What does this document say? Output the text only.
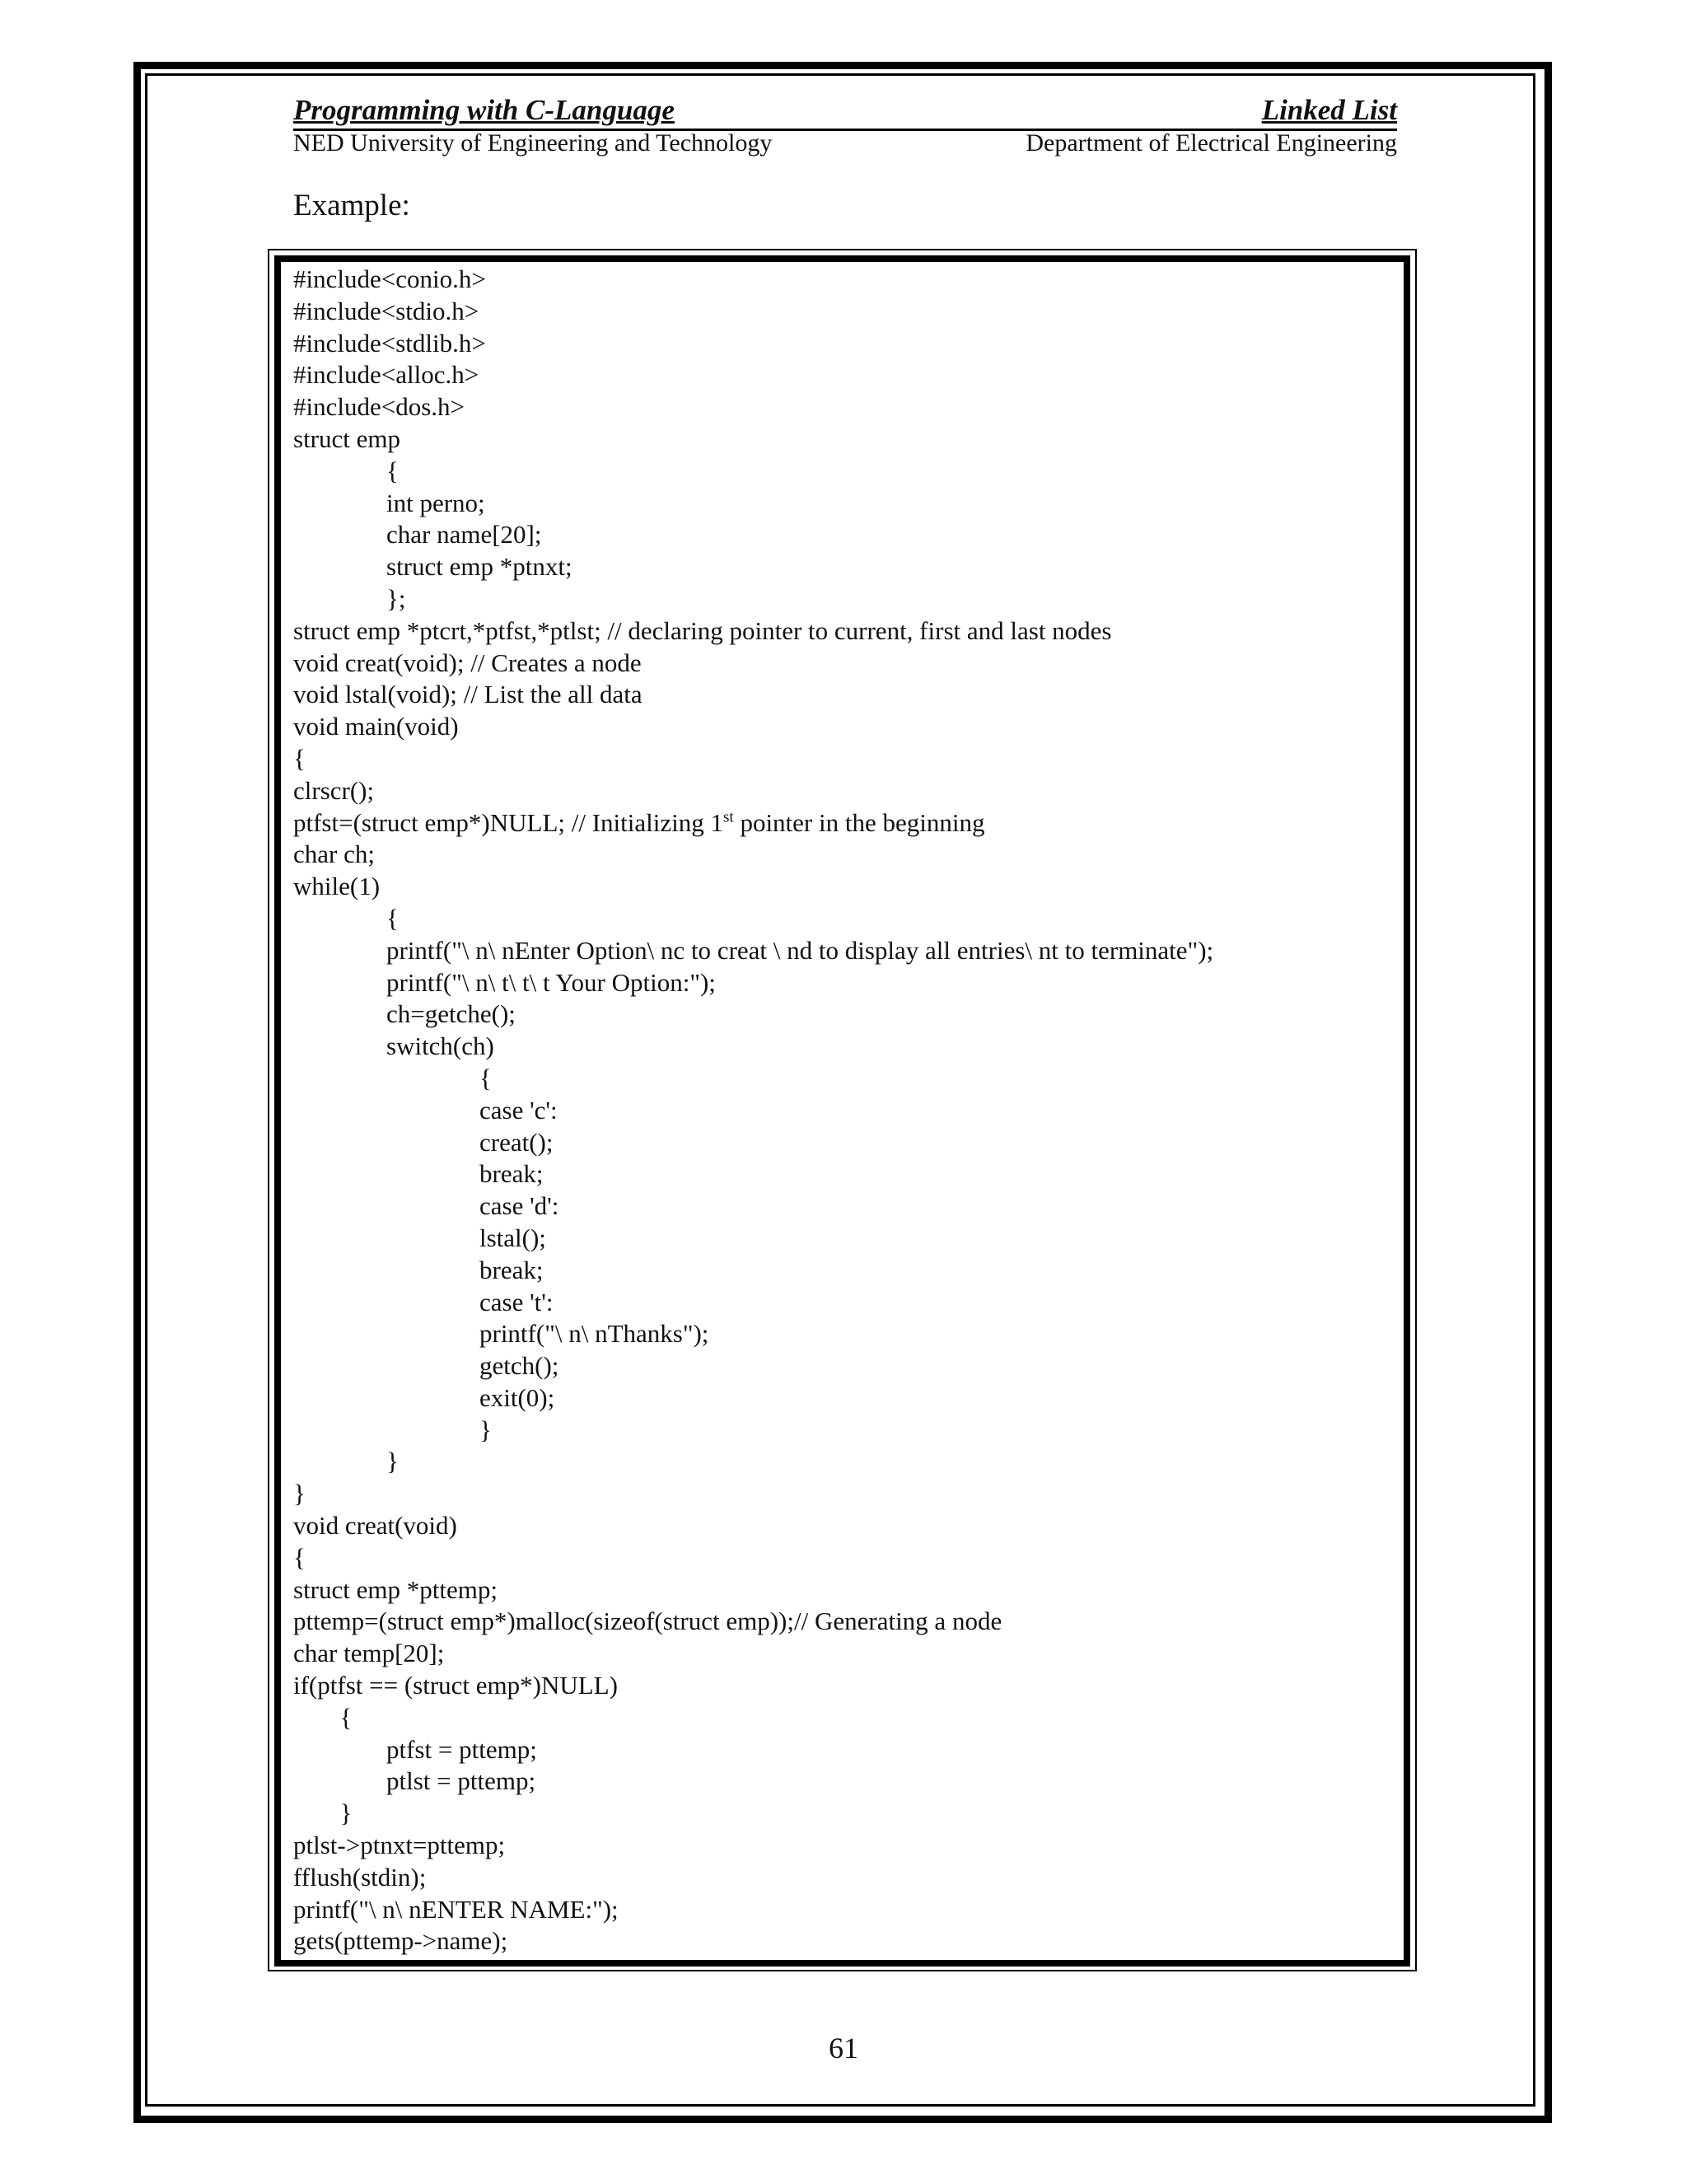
Programming with C-Language	Linked List
NED University of Engineering and Technology	Department of Electrical Engineering
Example:
#include<conio.h>
#include<stdio.h>
#include<stdlib.h>
#include<alloc.h>
#include<dos.h>
struct emp
{
int perno;
char name[20];
struct emp *ptnxt;
};
struct emp *ptcrt,*ptfst,*ptlst; // declaring pointer to current, first and last nodes
void creat(void); // Creates a node
void lstal(void); // List the all data
void main(void)
{
clrscr();
ptfst=(struct emp*)NULL; // Initializing 1st pointer in the beginning
char ch;
while(1)
{
printf("\ n\ nEnter Option\ nc to creat \ nd to display all entries\ nt to terminate");
printf("\ n\ t\ t\ t Your Option:");
ch=getche();
switch(ch)
{
case 'c':
creat();
break;
case 'd':
lstal();
break;
case 't':
printf("\ n\ nThanks");
getch();
exit(0);
}
}
}
void creat(void)
{
struct emp *pttemp;
pttemp=(struct emp*)malloc(sizeof(struct emp));// Generating a node
char temp[20];
if(ptfst == (struct emp*)NULL)
{
ptfst = pttemp;
ptlst = pttemp;
}
ptlst->ptnxt=pttemp;
fflush(stdin);
printf("\ n\ nENTER NAME:");
gets(pttemp->name);
61
